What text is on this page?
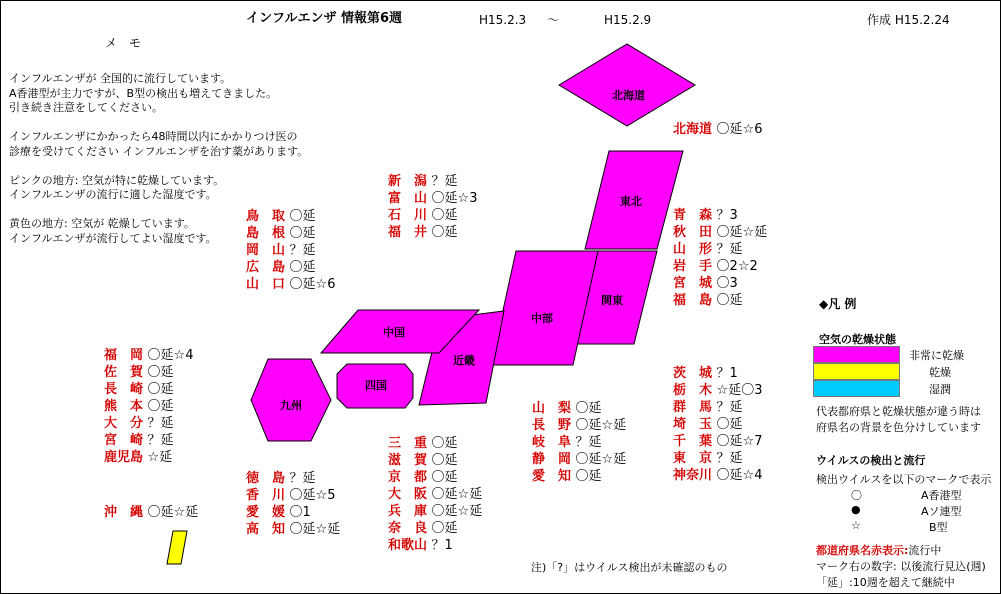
北海道
東北
関東
中部
近畿
中国
四国
九州
インフルエンザ 情報第6週	H15.2.3 ～	H15.2.9	作成 H15.2.24
メ　モ
インフルエンザが 全国的に流行しています。
A香港型が主力ですが、B型の検出も増えてきました。
引き続き注意をしてください。
インフルエンザにかかったら48時間以内にかかりつけ医の
診療を受けてください インフルエンザを治す薬があります。
ピンクの地方: 空気が特に乾燥しています。
インフルエンザの流行に適した湿度です。
黄色の地方: 空気が 乾燥しています。
インフルエンザが流行してよい湿度です。
北海道 〇延☆6
青　森 ？3
秋　田 〇延☆延
山　形 ？延
岩　手 〇2☆2
宮　城 〇3
福　島 〇延
新　潟 ？延
富　山 〇延☆3
石　川 〇延
福　井 〇延
鳥　取 〇延
島　根 〇延
岡　山 ？延
広　島 〇延
山　口 〇延☆6
福　岡 〇延☆4
佐　賀 〇延
長　崎 〇延
熊　本 〇延
大　分 ？延
宮　崎 ？延
鹿児島 ☆延
沖　縄 〇延☆延
徳　島 ？延
香　川 〇延☆5
愛　媛 〇1
高　知 〇延☆延
三　重 〇延
滋　賀 〇延
京　都 〇延
大　阪 〇延☆延
兵　庫 〇延☆延
奈　良 〇延
和歌山 ？1
山　梨 〇延
長　野 〇延☆延
岐　阜 ？延
静　岡 〇延☆延
愛　知 〇延
茨　城 ？1
栃　木 ☆延〇3
群　馬 ？延
埼　玉 〇延
千　葉 〇延☆7
東　京 ？延
神奈川 〇延☆4
注)「?」はウイルス検出が未確認のもの
◆凡 例
空気の乾燥状態
非常に乾燥
乾燥
湿潤
代表都府県と乾燥状態が違う時は
府県名の背景を色分けしています
ウイルスの検出と流行
検出ウイルスを以下のマークで表示
〇	A香港型
●	Aソ連型
☆	B型
都道府県名赤表示:流行中
マーク右の数字: 以後流行見込(週)
「延」:10週を超えて継続中
